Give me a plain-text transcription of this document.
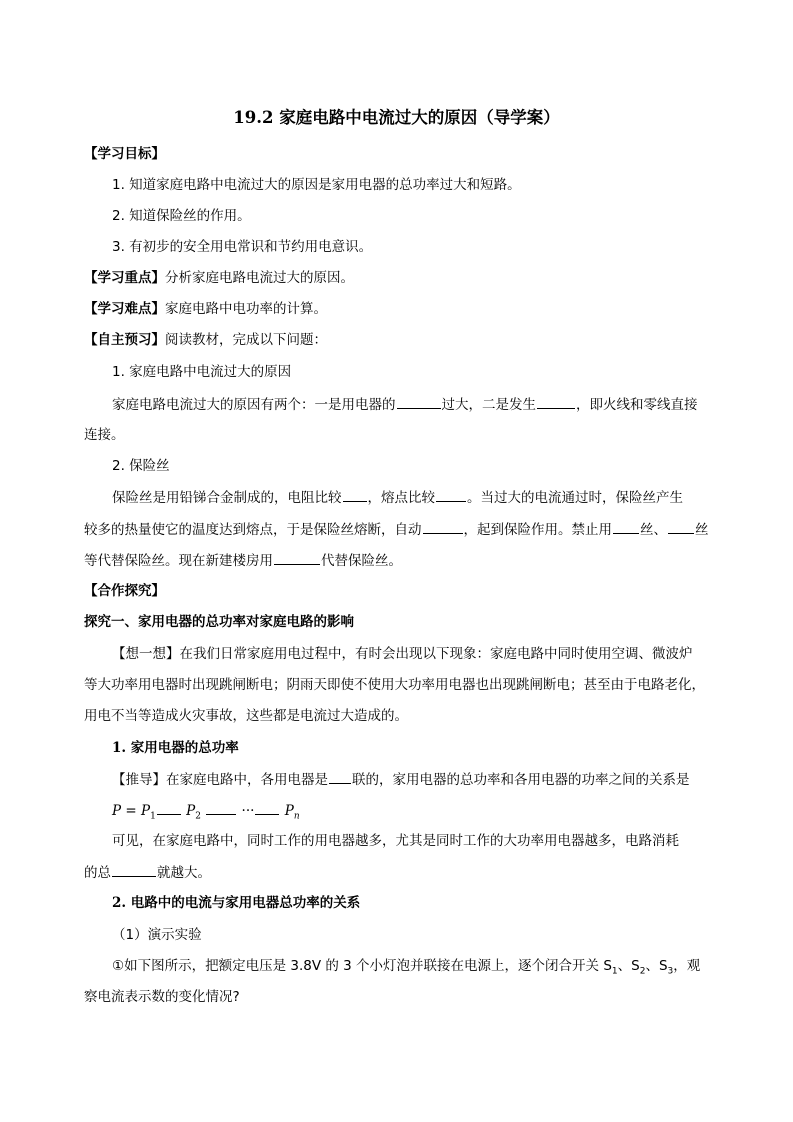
19.2 家庭电路中电流过大的原因（导学案）
【学习目标】
1. 知道家庭电路中电流过大的原因是家用电器的总功率过大和短路。
2. 知道保险丝的作用。
3. 有初步的安全用电常识和节约用电意识。
【学习重点】分析家庭电路电流过大的原因。
【学习难点】家庭电路中电功率的计算。
【自主预习】阅读教材，完成以下问题：
1. 家庭电路中电流过大的原因
家庭电路电流过大的原因有两个：一是用电器的	过大，二是发生	，即火线和零线直接
连接。
2. 保险丝
保险丝是用铅锑合金制成的，电阻比较 ，熔点比较 。当过大的电流通过时，保险丝产生
较多的热量使它的温度达到熔点，于是保险丝熔断，自动	，起到保险作用。禁止用 丝、 丝
等代替保险丝。现在新建楼房用	代替保险丝。
【合作探究】
探究一、家用电器的总功率对家庭电路的影响
【想一想】在我们日常家庭用电过程中，有时会出现以下现象：家庭电路中同时使用空调、微波炉
等大功率用电器时出现跳闸断电；阴雨天即使不使用大功率用电器也出现跳闸断电；甚至由于电路老化，
用电不当等造成火灾事故，这些都是电流过大造成的。
1. 家用电器的总功率
【推导】在家庭电路中，各用电器是 联的，家用电器的总功率和各用电器的功率之间的关系是
$P = P_1$ $P_2$	··· $P_n$
可见，在家庭电路中，同时工作的用电器越多，尤其是同时工作的大功率用电器越多，电路消耗
的总	就越大。
2. 电路中的电流与家用电器总功率的关系
（1）演示实验
①如下图所示，把额定电压是 3.8V 的 3 个小灯泡并联接在电源上，逐个闭合开关 $S_1$、$S_2$、$S_3$，观
察电流表示数的变化情况?
